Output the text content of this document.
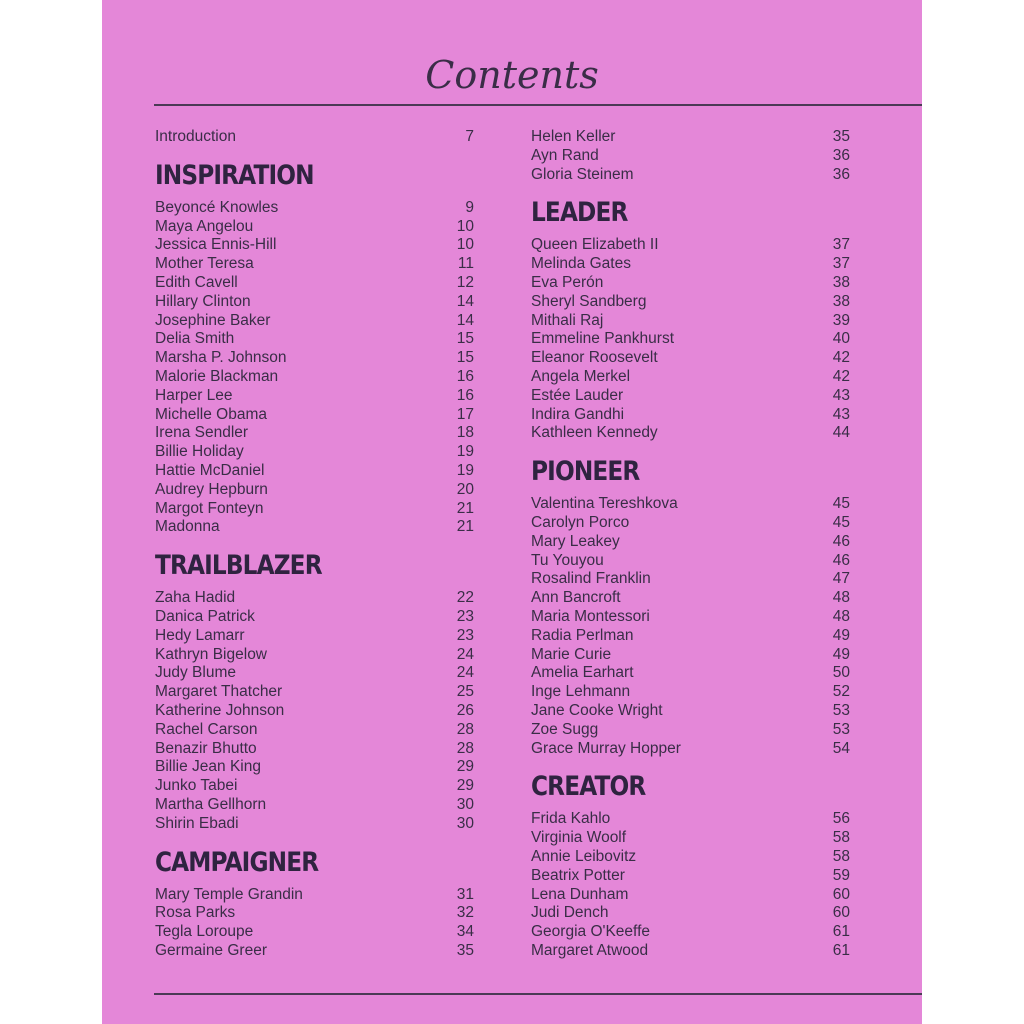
Contents
Introduction	7
INSPIRATION
Beyoncé Knowles	9
Maya Angelou	10
Jessica Ennis-Hill	10
Mother Teresa	11
Edith Cavell	12
Hillary Clinton	14
Josephine Baker	14
Delia Smith	15
Marsha P. Johnson	15
Malorie Blackman	16
Harper Lee	16
Michelle Obama	17
Irena Sendler	18
Billie Holiday	19
Hattie McDaniel	19
Audrey Hepburn	20
Margot Fonteyn	21
Madonna	21
TRAILBLAZER
Zaha Hadid	22
Danica Patrick	23
Hedy Lamarr	23
Kathryn Bigelow	24
Judy Blume	24
Margaret Thatcher	25
Katherine Johnson	26
Rachel Carson	28
Benazir Bhutto	28
Billie Jean King	29
Junko Tabei	29
Martha Gellhorn	30
Shirin Ebadi	30
CAMPAIGNER
Mary Temple Grandin	31
Rosa Parks	32
Tegla Loroupe	34
Germaine Greer	35
Helen Keller	35
Ayn Rand	36
Gloria Steinem	36
LEADER
Queen Elizabeth II	37
Melinda Gates	37
Eva Perón	38
Sheryl Sandberg	38
Mithali Raj	39
Emmeline Pankhurst	40
Eleanor Roosevelt	42
Angela Merkel	42
Estée Lauder	43
Indira Gandhi	43
Kathleen Kennedy	44
PIONEER
Valentina Tereshkova	45
Carolyn Porco	45
Mary Leakey	46
Tu Youyou	46
Rosalind Franklin	47
Ann Bancroft	48
Maria Montessori	48
Radia Perlman	49
Marie Curie	49
Amelia Earhart	50
Inge Lehmann	52
Jane Cooke Wright	53
Zoe Sugg	53
Grace Murray Hopper	54
CREATOR
Frida Kahlo	56
Virginia Woolf	58
Annie Leibovitz	58
Beatrix Potter	59
Lena Dunham	60
Judi Dench	60
Georgia O'Keeffe	61
Margaret Atwood	61
